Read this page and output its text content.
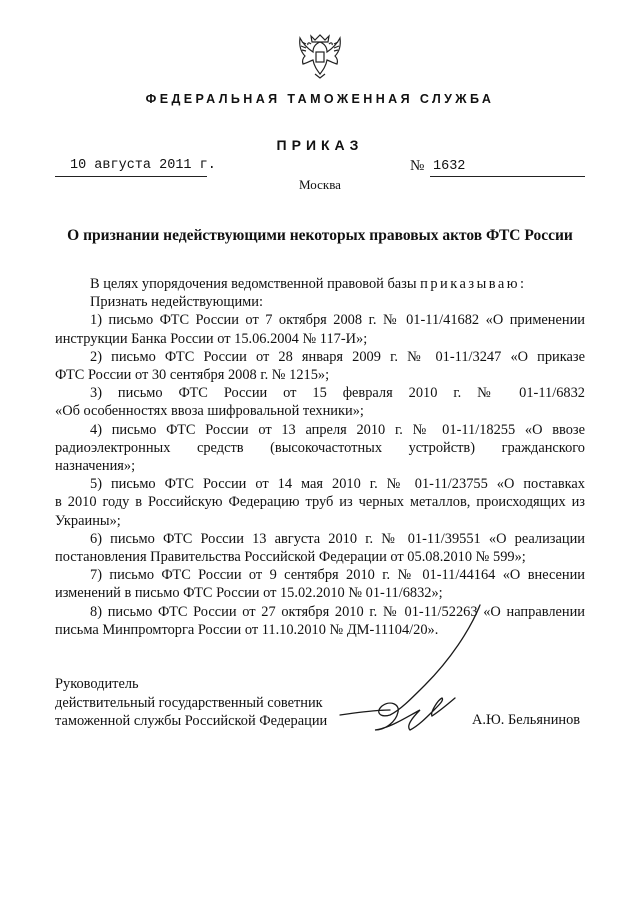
ФЕДЕРАЛЬНАЯ ТАМОЖЕННАЯ СЛУЖБА
ПРИКАЗ
10 августа 2011 г.	№ 1632
Москва
О признании недействующими некоторых правовых актов ФТС России

В целях упорядочения ведомственной правовой базы приказываю:

Признать недействующими:

1) письмо ФТС России от 7 октября 2008 г. № 01-11/41682 «О применении

инструкции Банка России от 15.06.2004 № 117-И»;

2) письмо ФТС России от 28 января 2009 г. № 01-11/3247 «О приказе

ФТС России от 30 сентября 2008 г. № 1215»;

3) письмо ФТС России от 15 февраля 2010 г. № 01-11/6832

«Об особенностях ввоза шифровальной техники»;

4) письмо ФТС России от 13 апреля 2010 г. № 01-11/18255 «О ввозе

радиоэлектронных средств (высокочастотных устройств) гражданского

назначения»;

5) письмо ФТС России от 14 мая 2010 г. № 01-11/23755 «О поставках

в 2010 году в Российскую Федерацию труб из черных металлов, происходящих из

Украины»;

6) письмо ФТС России 13 августа 2010 г. № 01-11/39551 «О реализации

постановления Правительства Российской Федерации от 05.08.2010 № 599»;

7) письмо ФТС России от 9 сентября 2010 г. № 01-11/44164 «О внесении

изменений в письмо ФТС России от 15.02.2010 № 01-11/6832»;

8) письмо ФТС России от 27 октября 2010 г. № 01-11/52263 «О направлении

письма Минпромторга России от 11.10.2010 № ДМ-11104/20».

Руководитель
действительный государственный советник
таможенной службы Российской Федерации	А.Ю. Бельянинов
